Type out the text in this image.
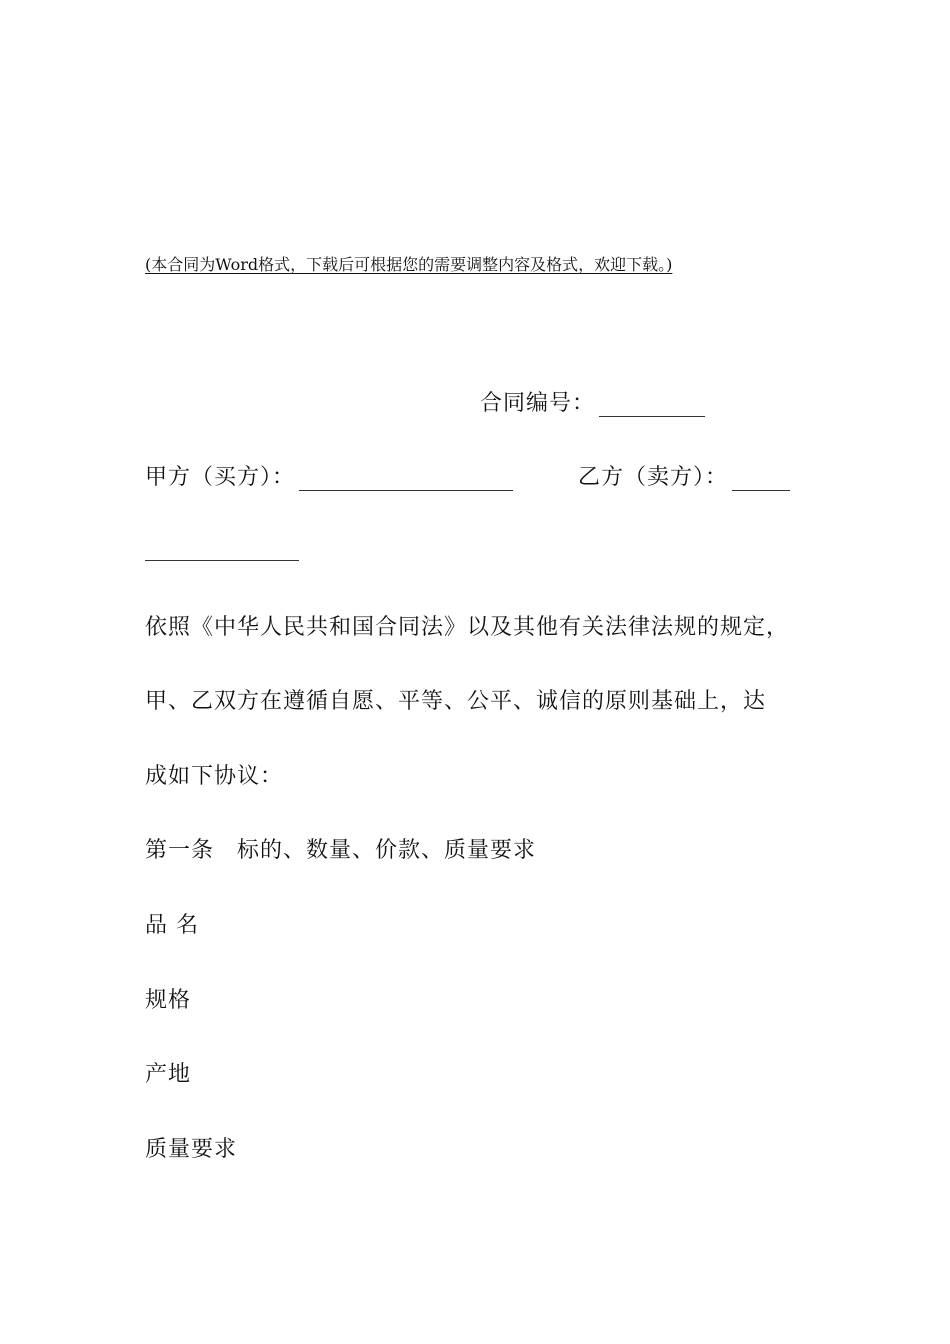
(本合同为Word格式，下载后可根据您的需要调整内容及格式，欢迎下载。)
合同编号：
甲方（买方）：	乙方（卖方）：
依照《中华人民共和国合同法》以及其他有关法律法规的规定，
甲、乙双方在遵循自愿、平等、公平、诚信的原则基础上，达
成如下协议：
第一条　标的、数量、价款、质量要求
品 名
规格
产地
质量要求
